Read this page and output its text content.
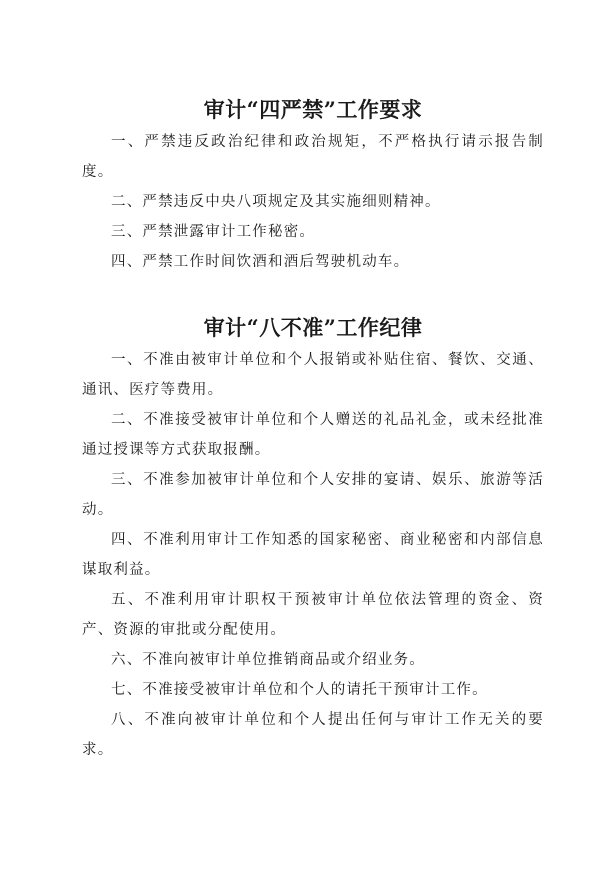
审计“四严禁”工作要求

一、严禁违反政治纪律和政治规矩，不严格执行请示报告制度。

二、严禁违反中央八项规定及其实施细则精神。

三、严禁泄露审计工作秘密。

四、严禁工作时间饮酒和酒后驾驶机动车。

审计“八不准”工作纪律

一、不准由被审计单位和个人报销或补贴住宿、餐饮、交通、通讯、医疗等费用。

二、不准接受被审计单位和个人赠送的礼品礼金，或未经批准通过授课等方式获取报酬。

三、不准参加被审计单位和个人安排的宴请、娱乐、旅游等活动。

四、不准利用审计工作知悉的国家秘密、商业秘密和内部信息谋取利益。

五、不准利用审计职权干预被审计单位依法管理的资金、资产、资源的审批或分配使用。

六、不准向被审计单位推销商品或介绍业务。

七、不准接受被审计单位和个人的请托干预审计工作。

八、不准向被审计单位和个人提出任何与审计工作无关的要求。
